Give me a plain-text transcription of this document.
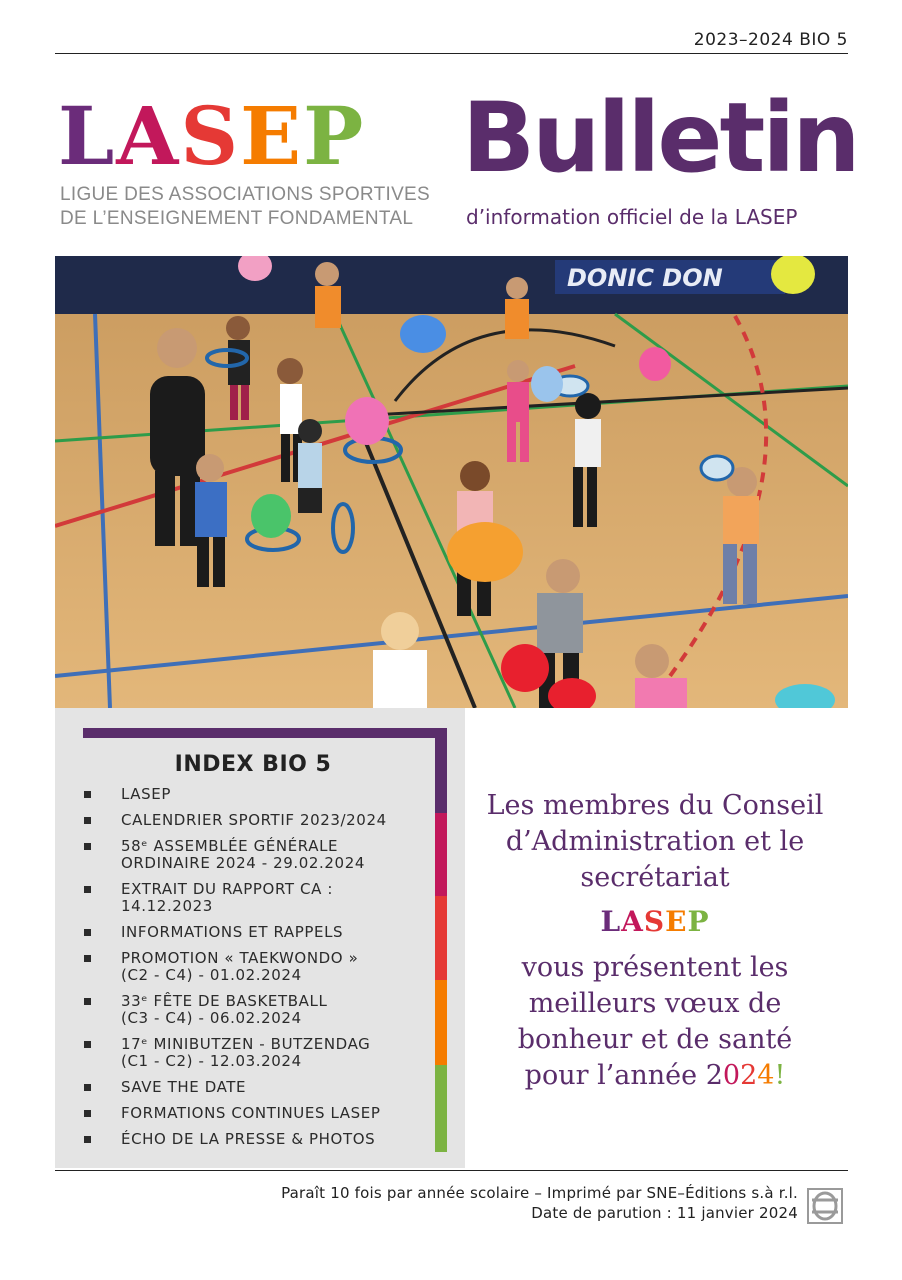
2023–2024 BIO 5
LASEP
LIGUE DES ASSOCIATIONS SPORTIVES
DE L’ENSEIGNEMENT FONDAMENTAL
Bulletin
d’information officiel de la LASEP
DONIC DON
INDEX BIO 5
LASEP
CALENDRIER SPORTIF 2023/2024
58ᵉ ASSEMBLÉE GÉNÉRALE
ORDINAIRE 2024 - 29.02.2024
EXTRAIT DU RAPPORT CA :
14.12.2023
INFORMATIONS ET RAPPELS
PROMOTION « TAEKWONDO »
(C2 - C4) - 01.02.2024
33ᵉ FÊTE DE BASKETBALL
(C3 - C4) - 06.02.2024
17ᵉ MINIBUTZEN - BUTZENDAG
(C1 - C2) - 12.03.2024
SAVE THE DATE
FORMATIONS CONTINUES LASEP
ÉCHO DE LA PRESSE & PHOTOS
Les membres du Conseil d’Administration et le secrétariat
LASEP
vous présentent les meilleurs vœux de bonheur et de santé pour l’année 2024!
Paraît 10 fois par année scolaire – Imprimé par SNE–Éditions s.à r.l.
Date de parution : 11 janvier 2024
